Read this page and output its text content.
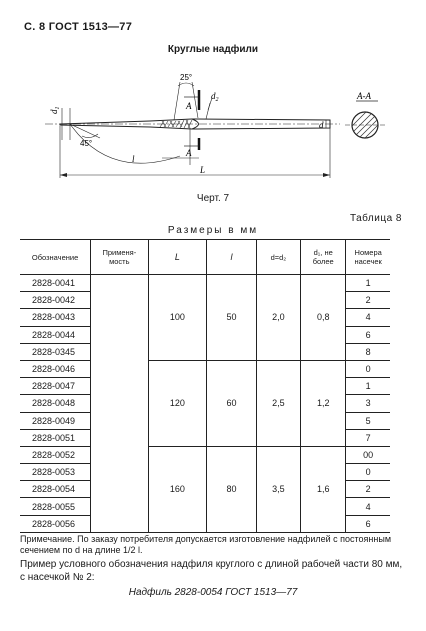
С. 8 ГОСТ 1513—77
Круглые надфили
25°
$d_2$
A
$d_1$
45°
l
A
L
d
A-A
Черт. 7
Таблица 8
Размеры в мм
Обозначение	Применя-мость	L	l	d=d₂	d₁, не более	Номера насечек
2828-0041		100	50	2,0	0,8	1
2828-0042						2
2828-0043						4
2828-0044						6
2828-0345						8
2828-0046		120	60	2,5	1,2	0
2828-0047						1
2828-0048						3
2828-0049						5
2828-0051						7
2828-0052		160	80	3,5	1,6	00
2828-0053						0
2828-0054						2
2828-0055						4
2828-0056						6
Примечание. По заказу потребителя допускается изготовление надфилей с постоянным сечением по d на длине 1/2 l.
Пример условного обозначения надфиля круглого с длиной рабочей части 80 мм, с насечкой № 2:
Надфиль 2828-0054 ГОСТ 1513—77
